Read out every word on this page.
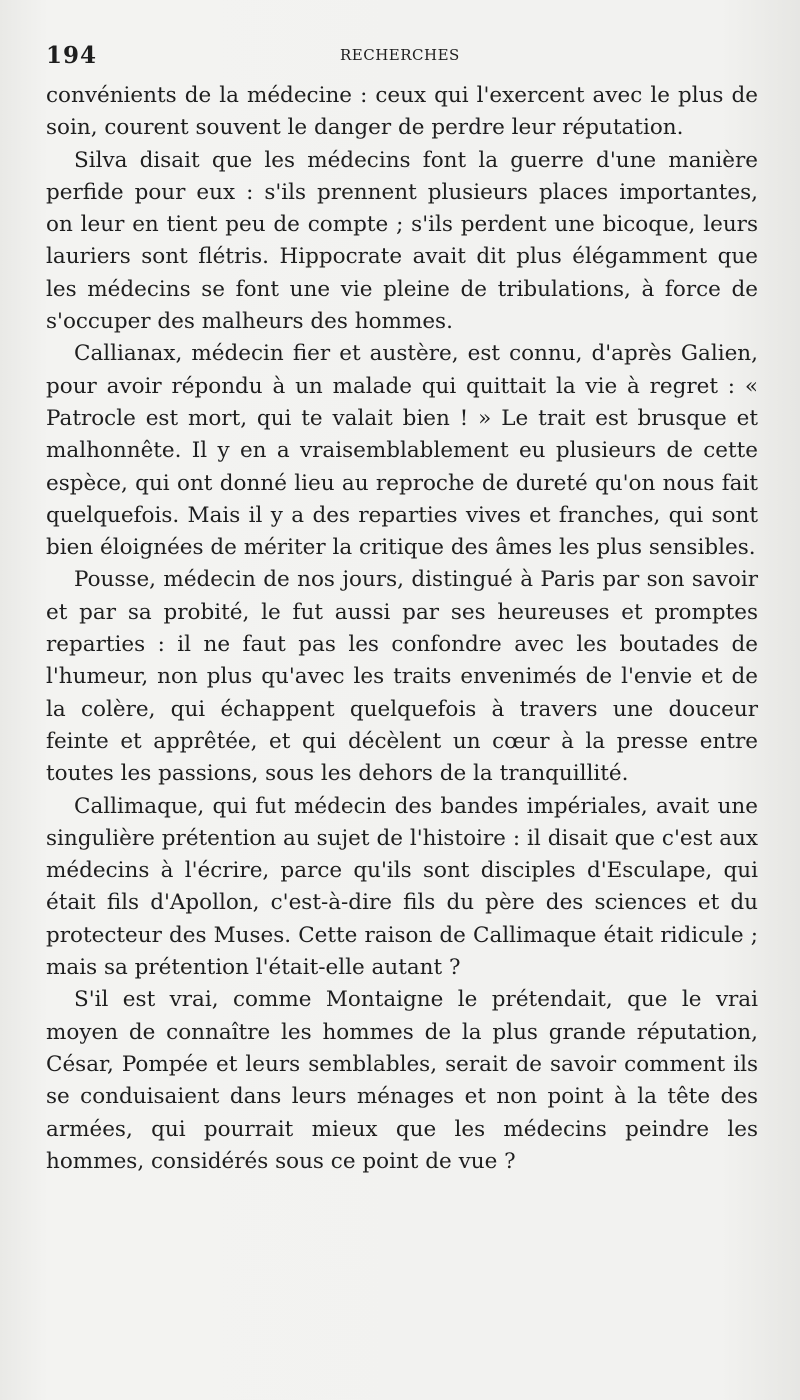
194	RECHERCHES

convénients de la médecine : ceux qui l'exercent avec le plus de soin, courent souvent le danger de perdre leur réputation.

Silva disait que les médecins font la guerre d'une manière perfide pour eux : s'ils prennent plusieurs places importantes, on leur en tient peu de compte ; s'ils perdent une bicoque, leurs lauriers sont flétris. Hippocrate avait dit plus élégamment que les médecins se font une vie pleine de tribulations, à force de s'occuper des malheurs des hommes.

Callianax, médecin fier et austère, est connu, d'après Galien, pour avoir répondu à un malade qui quittait la vie à regret : « Patrocle est mort, qui te valait bien ! » Le trait est brusque et malhonnête. Il y en a vraisemblablement eu plusieurs de cette espèce, qui ont donné lieu au reproche de dureté qu'on nous fait quelquefois. Mais il y a des reparties vives et franches, qui sont bien éloignées de mériter la critique des âmes les plus sensibles.

Pousse, médecin de nos jours, distingué à Paris par son savoir et par sa probité, le fut aussi par ses heureuses et promptes reparties : il ne faut pas les confondre avec les boutades de l'humeur, non plus qu'avec les traits envenimés de l'envie et de la colère, qui échappent quelquefois à travers une douceur feinte et apprêtée, et qui décèlent un cœur à la presse entre toutes les passions, sous les dehors de la tranquillité.

Callimaque, qui fut médecin des bandes impériales, avait une singulière prétention au sujet de l'histoire : il disait que c'est aux médecins à l'écrire, parce qu'ils sont disciples d'Esculape, qui était fils d'Apollon, c'est-à-dire fils du père des sciences et du protecteur des Muses. Cette raison de Callimaque était ridicule ; mais sa prétention l'était-elle autant ?

S'il est vrai, comme Montaigne le prétendait, que le vrai moyen de connaître les hommes de la plus grande réputation, César, Pompée et leurs semblables, serait de savoir comment ils se conduisaient dans leurs ménages et non point à la tête des armées, qui pourrait mieux que les médecins peindre les hommes, considérés sous ce point de vue ?
